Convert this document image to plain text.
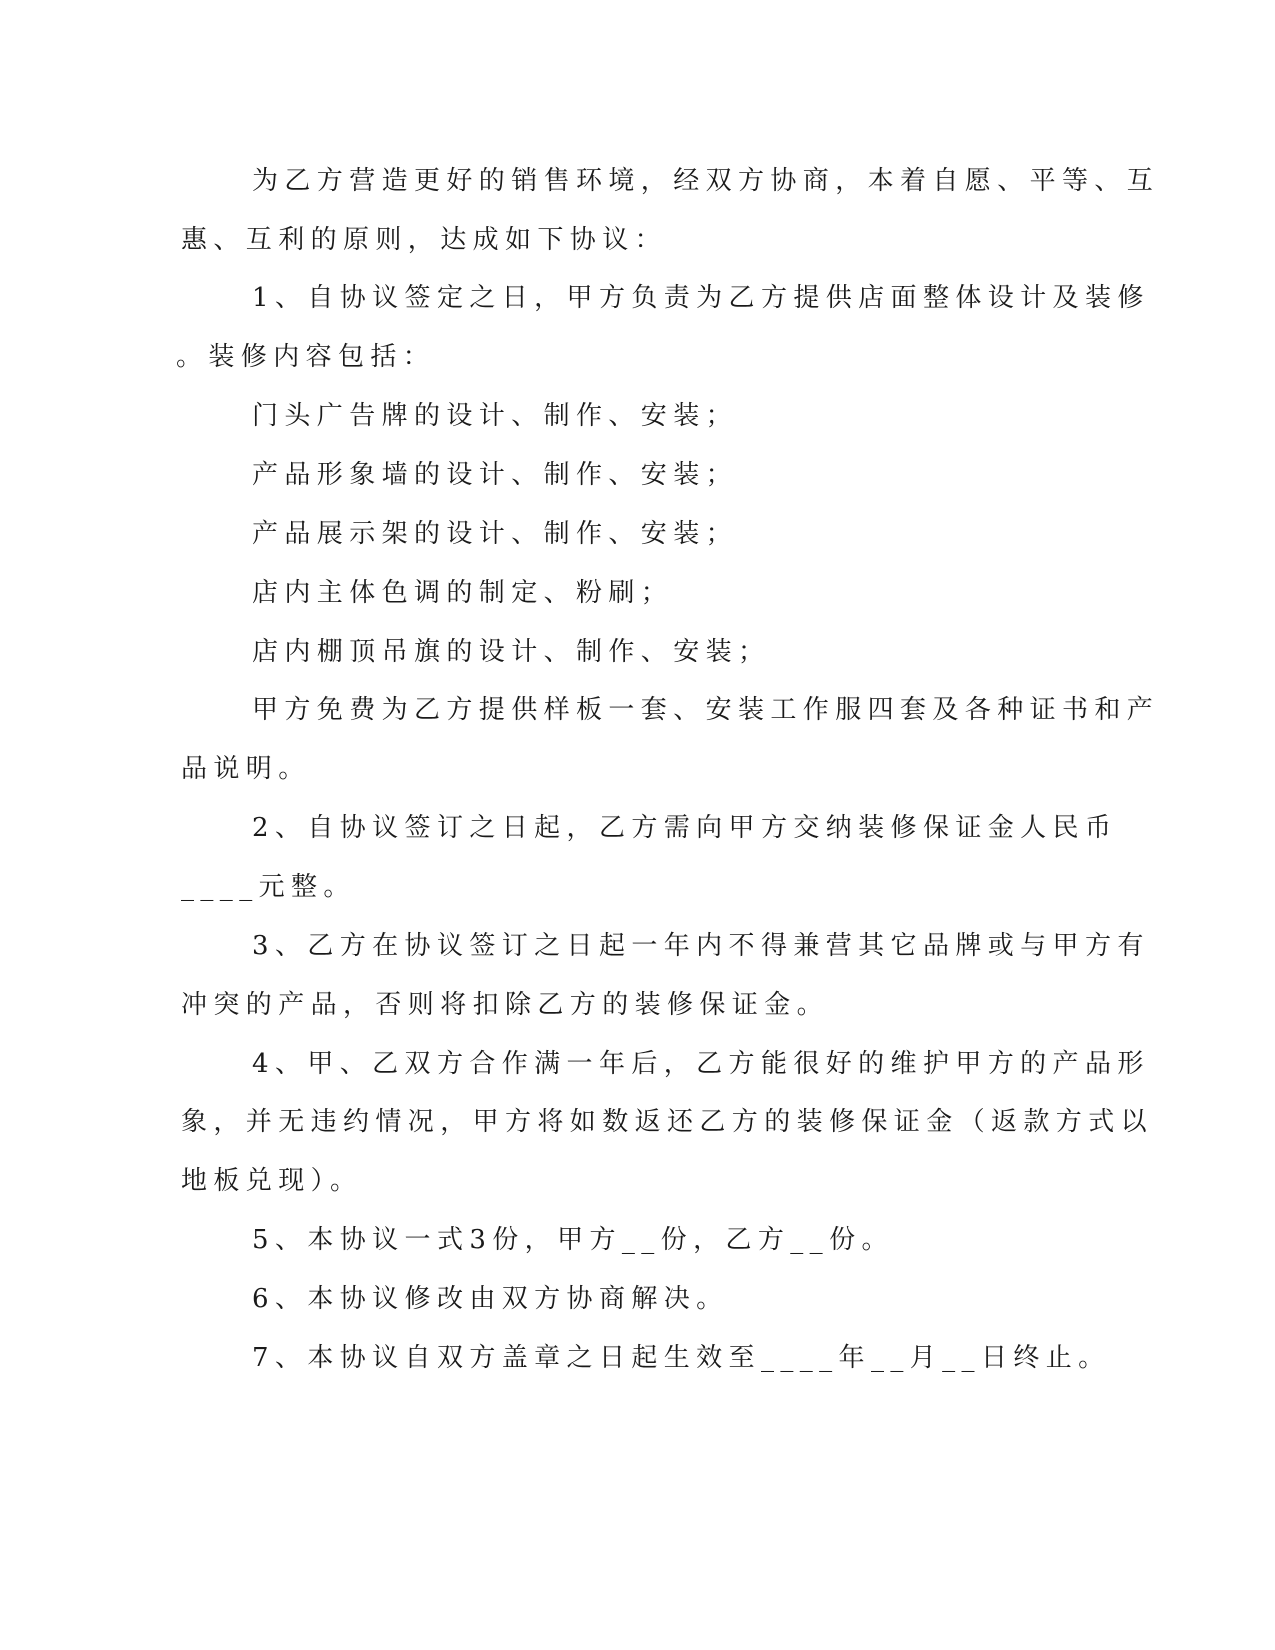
为乙方营造更好的销售环境，经双方协商，本着自愿、平等、互
惠、互利的原则，达成如下协议：
1、自协议签定之日，甲方负责为乙方提供店面整体设计及装修
。装修内容包括：
门头广告牌的设计、制作、安装；
产品形象墙的设计、制作、安装；
产品展示架的设计、制作、安装；
店内主体色调的制定、粉刷；
店内棚顶吊旗的设计、制作、安装；
甲方免费为乙方提供样板一套、安装工作服四套及各种证书和产
品说明。
2、自协议签订之日起，乙方需向甲方交纳装修保证金人民币
____元整。
3、乙方在协议签订之日起一年内不得兼营其它品牌或与甲方有
冲突的产品，否则将扣除乙方的装修保证金。
4、甲、乙双方合作满一年后，乙方能很好的维护甲方的产品形
象，并无违约情况，甲方将如数返还乙方的装修保证金（返款方式以
地板兑现）。
5、本协议一式3份，甲方__份，乙方__份。
6、本协议修改由双方协商解决。
7、本协议自双方盖章之日起生效至____年__月__日终止。
